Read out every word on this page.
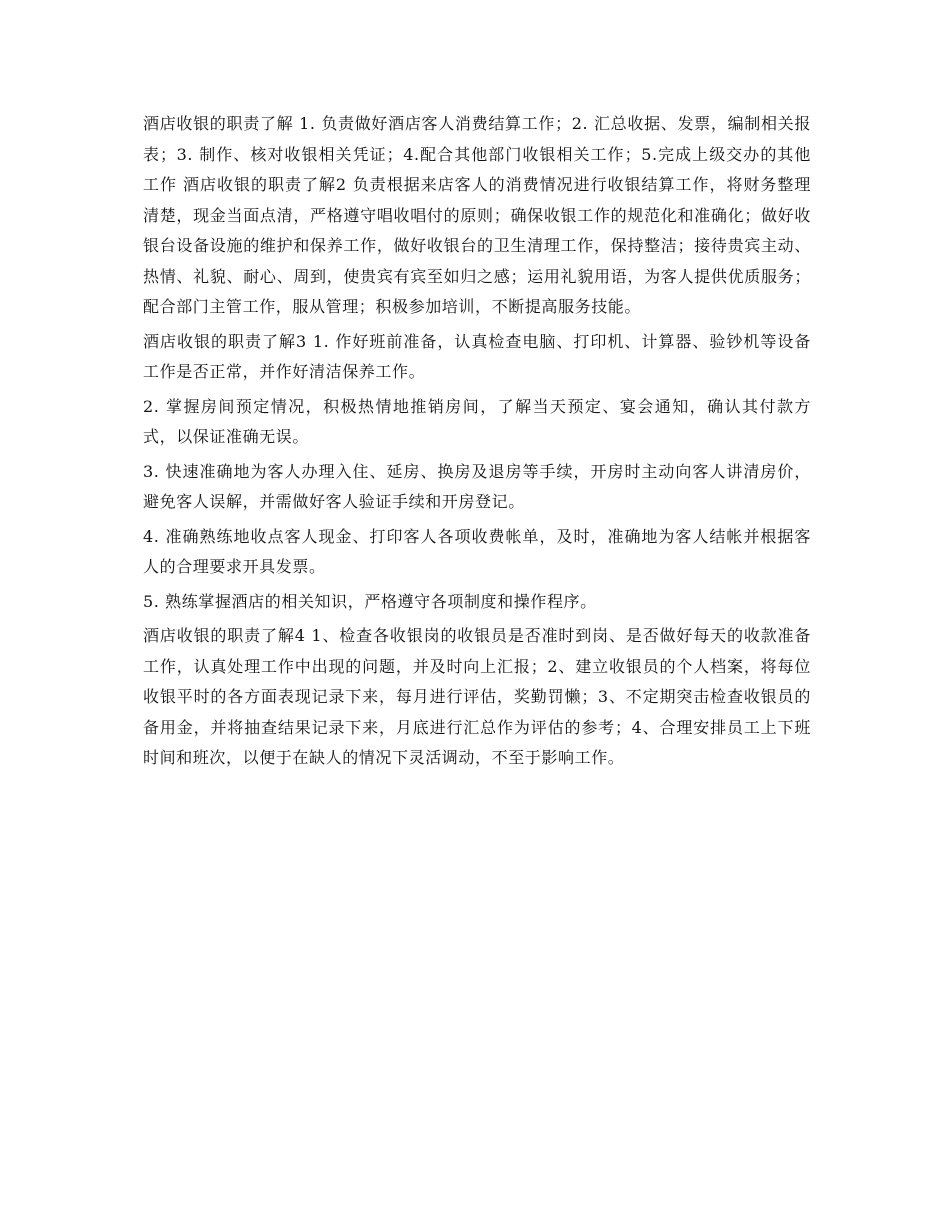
酒店收银的职责了解 1. 负责做好酒店客人消费结算工作；2. 汇总收据、发票，编制相关报表；3. 制作、核对收银相关凭证；4.配合其他部门收银相关工作；5.完成上级交办的其他工作 酒店收银的职责了解2 负责根据来店客人的消费情况进行收银结算工作，将财务整理清楚，现金当面点清，严格遵守唱收唱付的原则；确保收银工作的规范化和准确化；做好收银台设备设施的维护和保养工作，做好收银台的卫生清理工作，保持整洁；接待贵宾主动、热情、礼貌、耐心、周到，使贵宾有宾至如归之感；运用礼貌用语，为客人提供优质服务；配合部门主管工作，服从管理；积极参加培训，不断提高服务技能。

酒店收银的职责了解3 1. 作好班前准备，认真检查电脑、打印机、计算器、验钞机等设备工作是否正常，并作好清洁保养工作。

2. 掌握房间预定情况，积极热情地推销房间，了解当天预定、宴会通知，确认其付款方式，以保证准确无误。

3. 快速准确地为客人办理入住、延房、换房及退房等手续，开房时主动向客人讲清房价，避免客人误解，并需做好客人验证手续和开房登记。

4. 准确熟练地收点客人现金、打印客人各项收费帐单，及时，准确地为客人结帐并根据客人的合理要求开具发票。

5. 熟练掌握酒店的相关知识，严格遵守各项制度和操作程序。

酒店收银的职责了解4 1、检查各收银岗的收银员是否准时到岗、是否做好每天的收款准备工作，认真处理工作中出现的问题，并及时向上汇报；2、建立收银员的个人档案，将每位收银平时的各方面表现记录下来，每月进行评估，奖勤罚懒；3、不定期突击检查收银员的备用金，并将抽查结果记录下来，月底进行汇总作为评估的参考；4、合理安排员工上下班时间和班次，以便于在缺人的情况下灵活调动，不至于影响工作。
